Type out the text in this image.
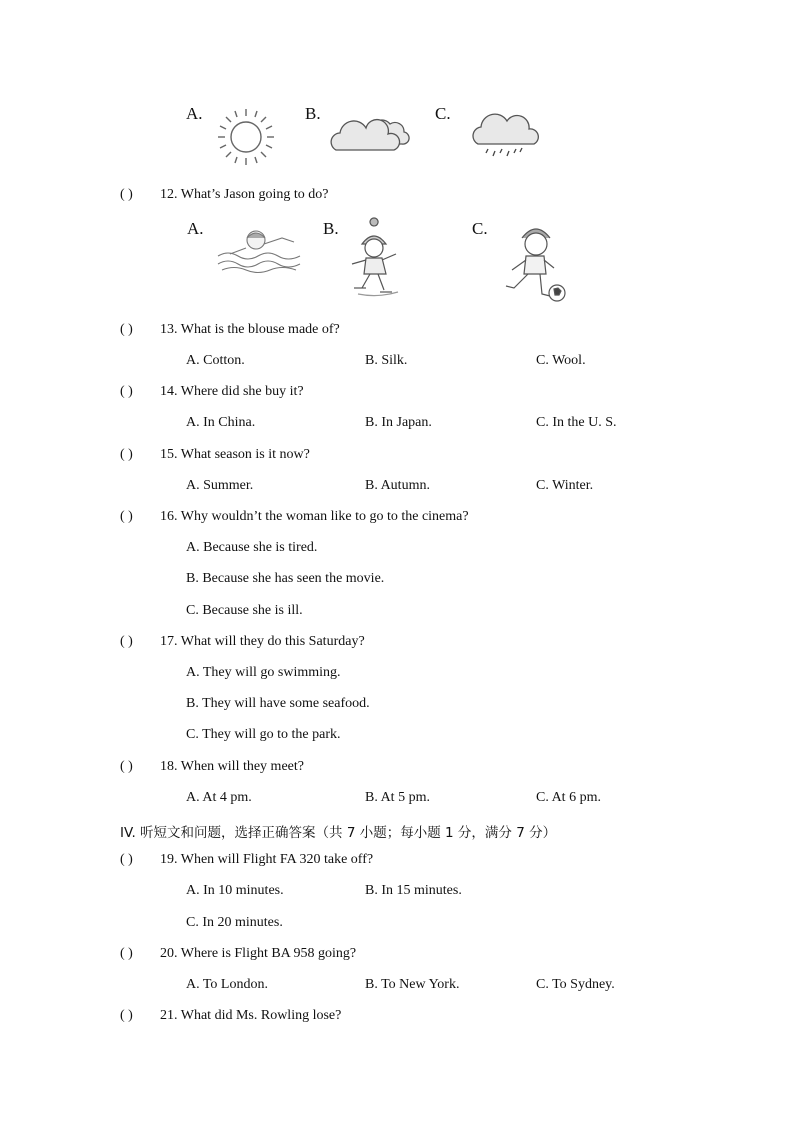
A.	B.	C.
( ) 12. What’s Jason going to do?
A.	B.	C.
( ) 13. What is the blouse made of?
A. Cotton.	B. Silk.	C. Wool.
( ) 14. Where did she buy it?
A. In China.	B. In Japan.	C. In the U. S.
( ) 15. What season is it now?
A. Summer.	B. Autumn.	C. Winter.
( ) 16. Why wouldn’t the woman like to go to the cinema?
A. Because she is tired.
B. Because she has seen the movie.
C. Because she is ill.
( ) 17. What will they do this Saturday?
A. They will go swimming.
B. They will have some seafood.
C. They will go to the park.
( ) 18. When will they meet?
A. At 4 pm.	B. At 5 pm.	C. At 6 pm.
IV. 听短文和问题，选择正确答案（共 7 小题；每小题 1 分，满分 7 分）
( ) 19. When will Flight FA 320 take off?
A. In 10 minutes.	B. In 15 minutes.
C. In 20 minutes.
( ) 20. Where is Flight BA 958 going?
A. To London.	B. To New York.	C. To Sydney.
( ) 21. What did Ms. Rowling lose?
